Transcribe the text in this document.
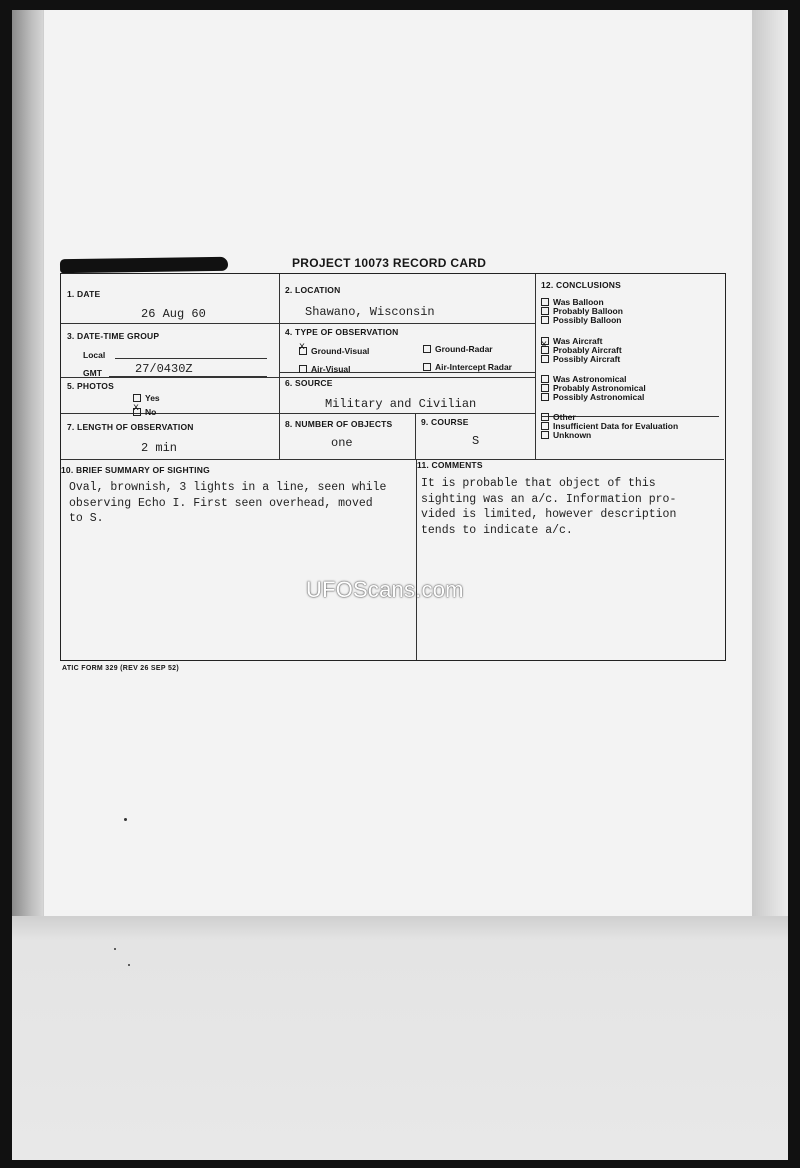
PROJECT 10073 RECORD CARD
1. DATE
26 Aug 60
2. LOCATION
Shawano, Wisconsin
3. DATE-TIME GROUP
Local
GMT	27/0430Z
4. TYPE OF OBSERVATION
xGround-Visual	Ground-Radar
Air-Visual	Air-Intercept Radar
5. PHOTOS
Yes
xNo
6. SOURCE
Military and Civilian
7. LENGTH OF OBSERVATION
2 min
8. NUMBER OF OBJECTS
one
9. COURSE
S
10. BRIEF SUMMARY OF SIGHTING
Oval, brownish, 3 lights in a line, seen while
observing Echo I. First seen overhead, moved
to S.
11. COMMENTS
It is probable that object of this
sighting was an a/c. Information pro-
vided is limited, however description
tends to indicate a/c.
12. CONCLUSIONS
Was Balloon
Probably Balloon
Possibly Balloon
Was Aircraft
xProbably Aircraft
Possibly Aircraft
Was Astronomical
Probably Astronomical
Possibly Astronomical
Other
Insufficient Data for Evaluation
Unknown
UFOScans.com
ATIC FORM 329 (REV 26 SEP 52)
